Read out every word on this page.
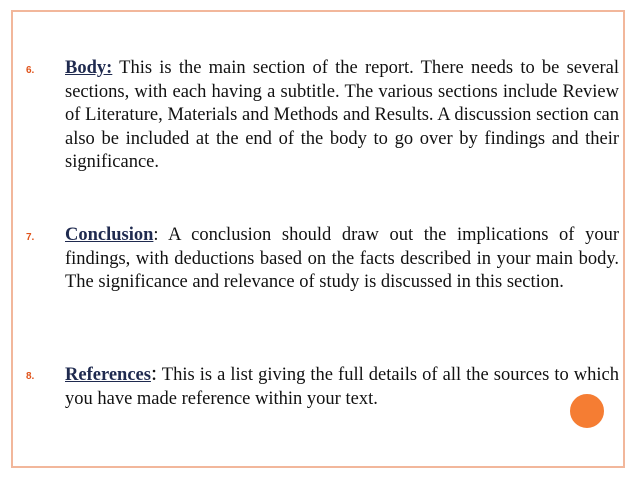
6. Body: This is the main section of the report. There needs to be several sections, with each having a subtitle. The various sections include Review of Literature, Materials and Methods and Results. A discussion section can also be included at the end of the body to go over by findings and their significance.

7. Conclusion: A conclusion should draw out the implications of your findings, with deductions based on the facts described in your main body. The significance and relevance of study is discussed in this section.

8. References: This is a list giving the full details of all the sources to which you have made reference within your text.
